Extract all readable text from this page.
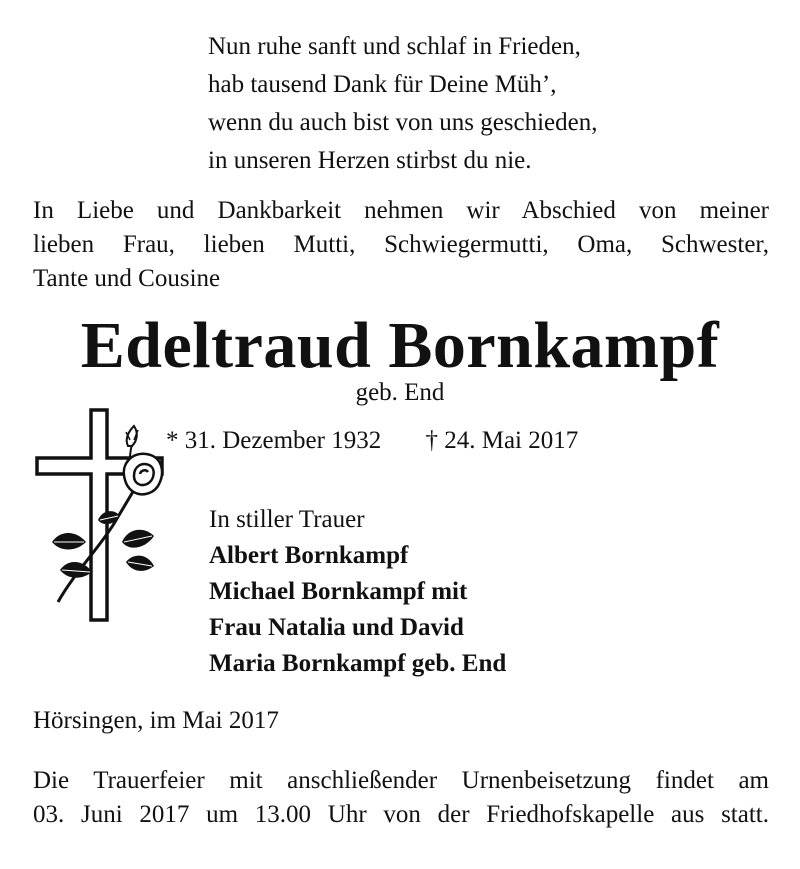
Nun ruhe sanft und schlaf in Frieden,
hab tausend Dank für Deine Müh’,
wenn du auch bist von uns geschieden,
in unseren Herzen stirbst du nie.
In Liebe und Dankbarkeit nehmen wir Abschied von meiner
lieben Frau, lieben Mutti, Schwiegermutti, Oma, Schwester,
Tante und Cousine
Edeltraud Bornkampf
geb. End
* 31. Dezember 1932 † 24. Mai 2017
In stiller Trauer
Albert Bornkampf
Michael Bornkampf mit
Frau Natalia und David
Maria Bornkampf geb. End
Hörsingen, im Mai 2017
Die Trauerfeier mit anschließender Urnenbeisetzung findet am
03. Juni 2017 um 13.00 Uhr von der Friedhofskapelle aus statt.
